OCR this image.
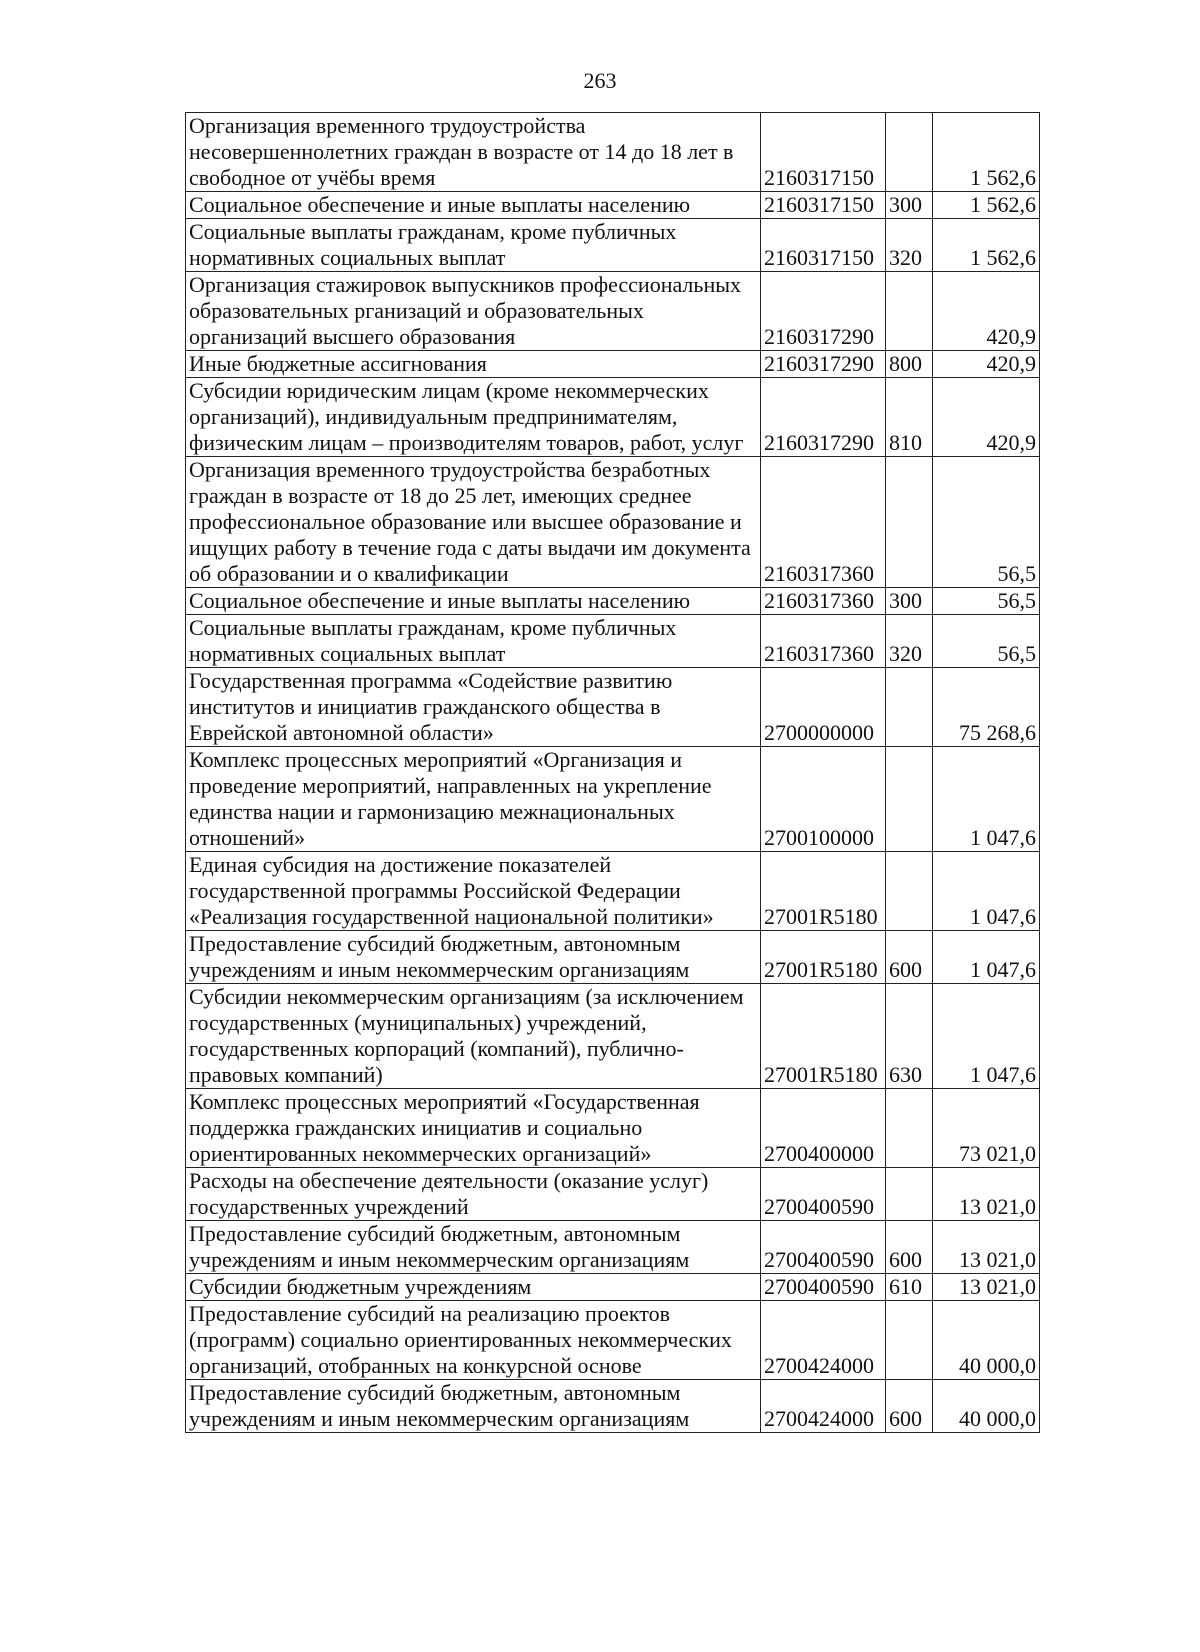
263
Организация временного трудоустройства несовершеннолетних граждан в возрасте от 14 до 18 лет в свободное от учёбы время	2160317150		1 562,6
Социальное обеспечение и иные выплаты населению	2160317150	300	1 562,6
Социальные выплаты гражданам, кроме публичных нормативных социальных выплат	2160317150	320	1 562,6
Организация стажировок выпускников профессиональных образовательных рганизаций и образовательных организаций высшего образования	2160317290		420,9
Иные бюджетные ассигнования	2160317290	800	420,9
Субсидии юридическим лицам (кроме некоммерческих организаций), индивидуальным предпринимателям, физическим лицам – производителям товаров, работ, услуг	2160317290	810	420,9
Организация временного трудоустройства безработных граждан в возрасте от 18 до 25 лет, имеющих среднее профессиональное образование или высшее образование и ищущих работу в течение года с даты выдачи им документа об образовании и о квалификации	2160317360		56,5
Социальное обеспечение и иные выплаты населению	2160317360	300	56,5
Социальные выплаты гражданам, кроме публичных нормативных социальных выплат	2160317360	320	56,5
Государственная программа «Содействие развитию институтов и инициатив гражданского общества в Еврейской автономной области»	2700000000		75 268,6
Комплекс процессных мероприятий «Организация и проведение мероприятий, направленных на укрепление единства нации и гармонизацию межнациональных отношений»	2700100000		1 047,6
Единая субсидия на достижение показателей государственной программы Российской Федерации «Реализация государственной национальной политики»	27001R5180		1 047,6
Предоставление субсидий бюджетным, автономным учреждениям и иным некоммерческим организациям	27001R5180	600	1 047,6
Субсидии некоммерческим организациям (за исключением государственных (муниципальных) учреждений, государственных корпораций (компаний), публично-правовых компаний)	27001R5180	630	1 047,6
Комплекс процессных мероприятий «Государственная поддержка гражданских инициатив и социально ориентированных некоммерческих организаций»	2700400000		73 021,0
Расходы на обеспечение деятельности (оказание услуг) государственных учреждений	2700400590		13 021,0
Предоставление субсидий бюджетным, автономным учреждениям и иным некоммерческим организациям	2700400590	600	13 021,0
Субсидии бюджетным учреждениям	2700400590	610	13 021,0
Предоставление субсидий на реализацию проектов (программ) социально ориентированных некоммерческих организаций, отобранных на конкурсной основе	2700424000		40 000,0
Предоставление субсидий бюджетным, автономным учреждениям и иным некоммерческим организациям	2700424000	600	40 000,0
